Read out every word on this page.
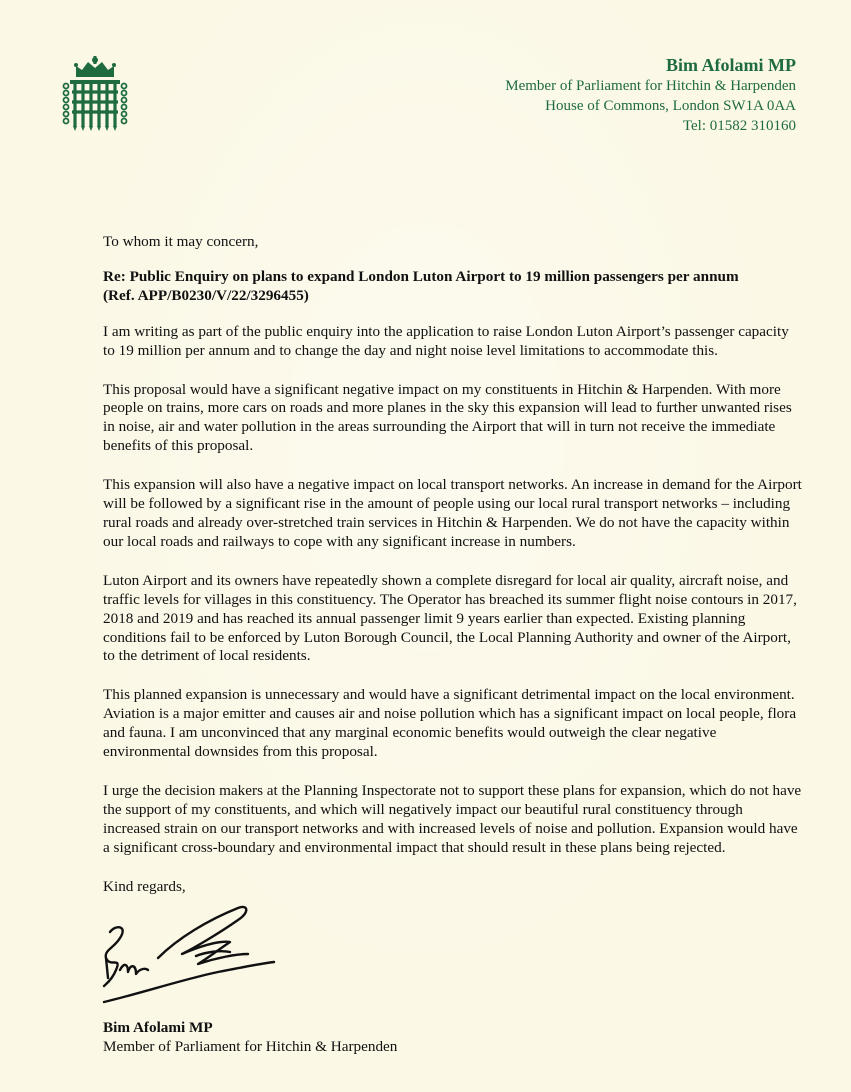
Bim Afolami MP
Member of Parliament for Hitchin & Harpenden
House of Commons, London SW1A 0AA
Tel: 01582 310160

To whom it may concern,

Re: Public Enquiry on plans to expand London Luton Airport to 19 million passengers per annum
(Ref. APP/B0230/V/22/3296455)

I am writing as part of the public enquiry into the application to raise London Luton Airport’s passenger capacity to 19 million per annum and to change the day and night noise level limitations to accommodate this.

This proposal would have a significant negative impact on my constituents in Hitchin & Harpenden. With more people on trains, more cars on roads and more planes in the sky this expansion will lead to further unwanted rises in noise, air and water pollution in the areas surrounding the Airport that will in turn not receive the immediate benefits of this proposal.

This expansion will also have a negative impact on local transport networks. An increase in demand for the Airport will be followed by a significant rise in the amount of people using our local rural transport networks – including rural roads and already over-stretched train services in Hitchin & Harpenden. We do not have the capacity within our local roads and railways to cope with any significant increase in numbers.

Luton Airport and its owners have repeatedly shown a complete disregard for local air quality, aircraft noise, and traffic levels for villages in this constituency. The Operator has breached its summer flight noise contours in 2017, 2018 and 2019 and has reached its annual passenger limit 9 years earlier than expected. Existing planning conditions fail to be enforced by Luton Borough Council, the Local Planning Authority and owner of the Airport, to the detriment of local residents.

This planned expansion is unnecessary and would have a significant detrimental impact on the local environment. Aviation is a major emitter and causes air and noise pollution which has a significant impact on local people, flora and fauna. I am unconvinced that any marginal economic benefits would outweigh the clear negative environmental downsides from this proposal.

I urge the decision makers at the Planning Inspectorate not to support these plans for expansion, which do not have the support of my constituents, and which will negatively impact our beautiful rural constituency through increased strain on our transport networks and with increased levels of noise and pollution. Expansion would have a significant cross-boundary and environmental impact that should result in these plans being rejected.

Kind regards,

Bim Afolami MP
Member of Parliament for Hitchin & Harpenden
